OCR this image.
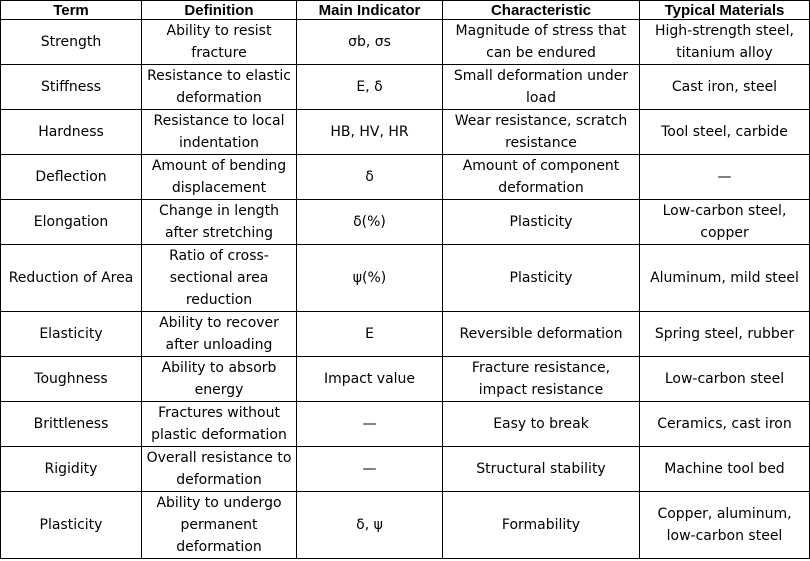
Term	Definition	Main Indicator	Characteristic	Typical Materials
Strength	Ability to resist fracture	σb, σs	Magnitude of stress that can be endured	High-strength steel, titanium alloy
Stiffness	Resistance to elastic deformation	E, δ	Small deformation under load	Cast iron, steel
Hardness	Resistance to local indentation	HB, HV, HR	Wear resistance, scratch resistance	Tool steel, carbide
Deflection	Amount of bending displacement	δ	Amount of component deformation	—
Elongation	Change in length after stretching	δ(%)	Plasticity	Low-carbon steel, copper
Reduction of Area	Ratio of cross-sectional area reduction	ψ(%)	Plasticity	Aluminum, mild steel
Elasticity	Ability to recover after unloading	E	Reversible deformation	Spring steel, rubber
Toughness	Ability to absorb energy	Impact value	Fracture resistance, impact resistance	Low-carbon steel
Brittleness	Fractures without plastic deformation	—	Easy to break	Ceramics, cast iron
Rigidity	Overall resistance to deformation	—	Structural stability	Machine tool bed
Plasticity	Ability to undergo permanent deformation	δ, ψ	Formability	Copper, aluminum, low-carbon steel
